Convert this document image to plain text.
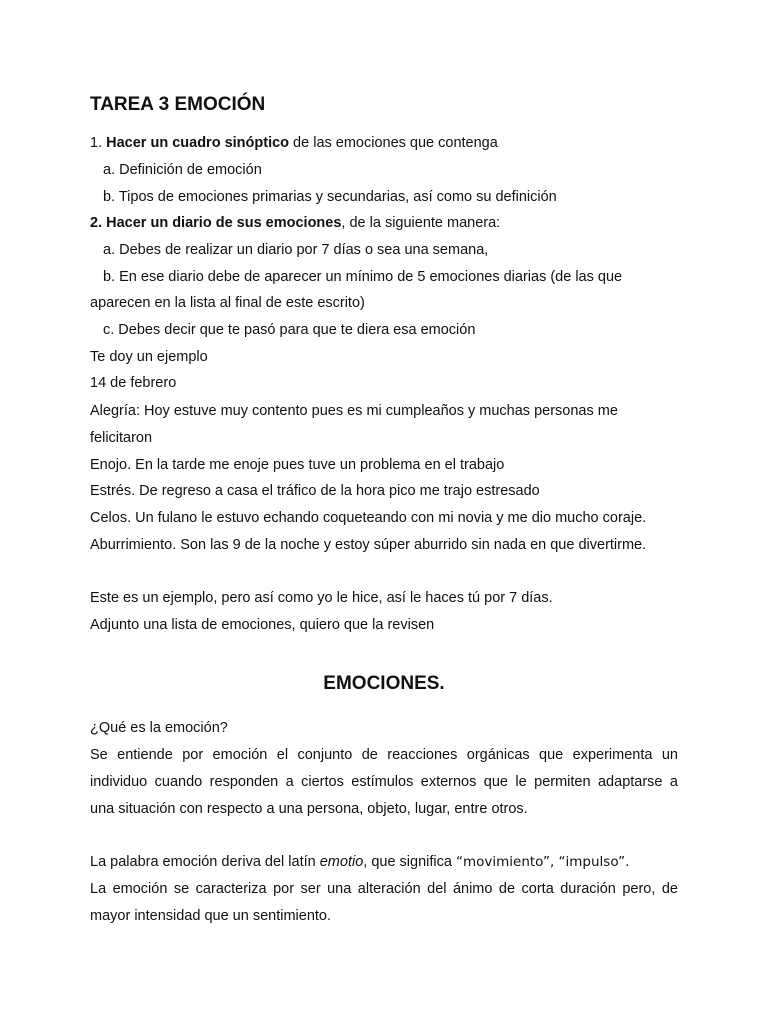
TAREA 3 EMOCIÓN
1. Hacer un cuadro sinóptico de las emociones que contenga
a. Definición de emoción
b. Tipos de emociones primarias y secundarias, así como su definición
2. Hacer un diario de sus emociones, de la siguiente manera:
a. Debes de realizar un diario por 7 días o sea una semana,
b. En ese diario debe de aparecer un mínimo de 5 emociones diarias (de las que
aparecen en la lista al final de este escrito)
c. Debes decir que te pasó para que te diera esa emoción
Te doy un ejemplo
14 de febrero
Alegría: Hoy estuve muy contento pues es mi cumpleaños y muchas personas me
felicitaron
Enojo. En la tarde me enoje pues tuve un problema en el trabajo
Estrés. De regreso a casa el tráfico de la hora pico me trajo estresado
Celos. Un fulano le estuvo echando coqueteando con mi novia y me dio mucho coraje.
Aburrimiento. Son las 9 de la noche y estoy súper aburrido sin nada en que divertirme.
Este es un ejemplo, pero así como yo le hice, así le haces tú por 7 días.
Adjunto una lista de emociones, quiero que la revisen
EMOCIONES.
¿Qué es la emoción?
Se entiende por emoción el conjunto de reacciones orgánicas que experimenta un
individuo cuando responden a ciertos estímulos externos que le permiten adaptarse a
una situación con respecto a una persona, objeto, lugar, entre otros.
La palabra emoción deriva del latín emotio, que significa “movimiento”, “impulso”.
La emoción se caracteriza por ser una alteración del ánimo de corta duración pero, de
mayor intensidad que un sentimiento.
